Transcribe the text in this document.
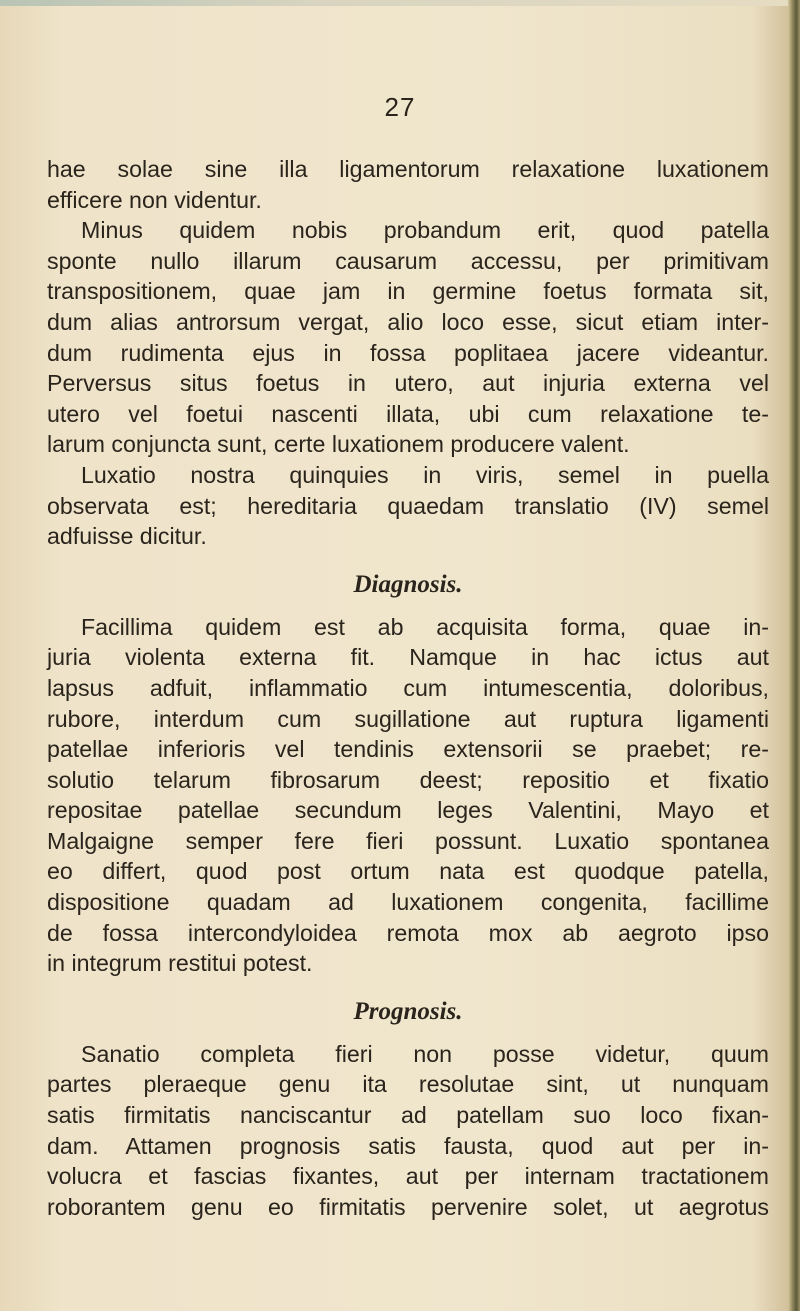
27

hae solae sine illa ligamentorum relaxatione luxationem

efficere non videntur.

Minus quidem nobis probandum erit, quod patella

sponte nullo illarum causarum accessu, per primitivam

transpositionem, quae jam in germine foetus formata sit,

dum alias antrorsum vergat, alio loco esse, sicut etiam inter-

dum rudimenta ejus in fossa poplitaea jacere videantur.

Perversus situs foetus in utero, aut injuria externa vel

utero vel foetui nascenti illata, ubi cum relaxatione te-

larum conjuncta sunt, certe luxationem producere valent.

Luxatio nostra quinquies in viris, semel in puella

observata est; hereditaria quaedam translatio (IV) semel

adfuisse dicitur.

Diagnosis.

Facillima quidem est ab acquisita forma, quae in-

juria violenta externa fit. Namque in hac ictus aut

lapsus adfuit, inflammatio cum intumescentia, doloribus,

rubore, interdum cum sugillatione aut ruptura ligamenti

patellae inferioris vel tendinis extensorii se praebet; re-

solutio telarum fibrosarum deest; repositio et fixatio

repositae patellae secundum leges Valentini, Mayo et

Malgaigne semper fere fieri possunt. Luxatio spontanea

eo differt, quod post ortum nata est quodque patella,

dispositione quadam ad luxationem congenita, facillime

de fossa intercondyloidea remota mox ab aegroto ipso

in integrum restitui potest.

Prognosis.

Sanatio completa fieri non posse videtur, quum

partes pleraeque genu ita resolutae sint, ut nunquam

satis firmitatis nanciscantur ad patellam suo loco fixan-

dam. Attamen prognosis satis fausta, quod aut per in-

volucra et fascias fixantes, aut per internam tractationem

roborantem genu eo firmitatis pervenire solet, ut aegrotus
